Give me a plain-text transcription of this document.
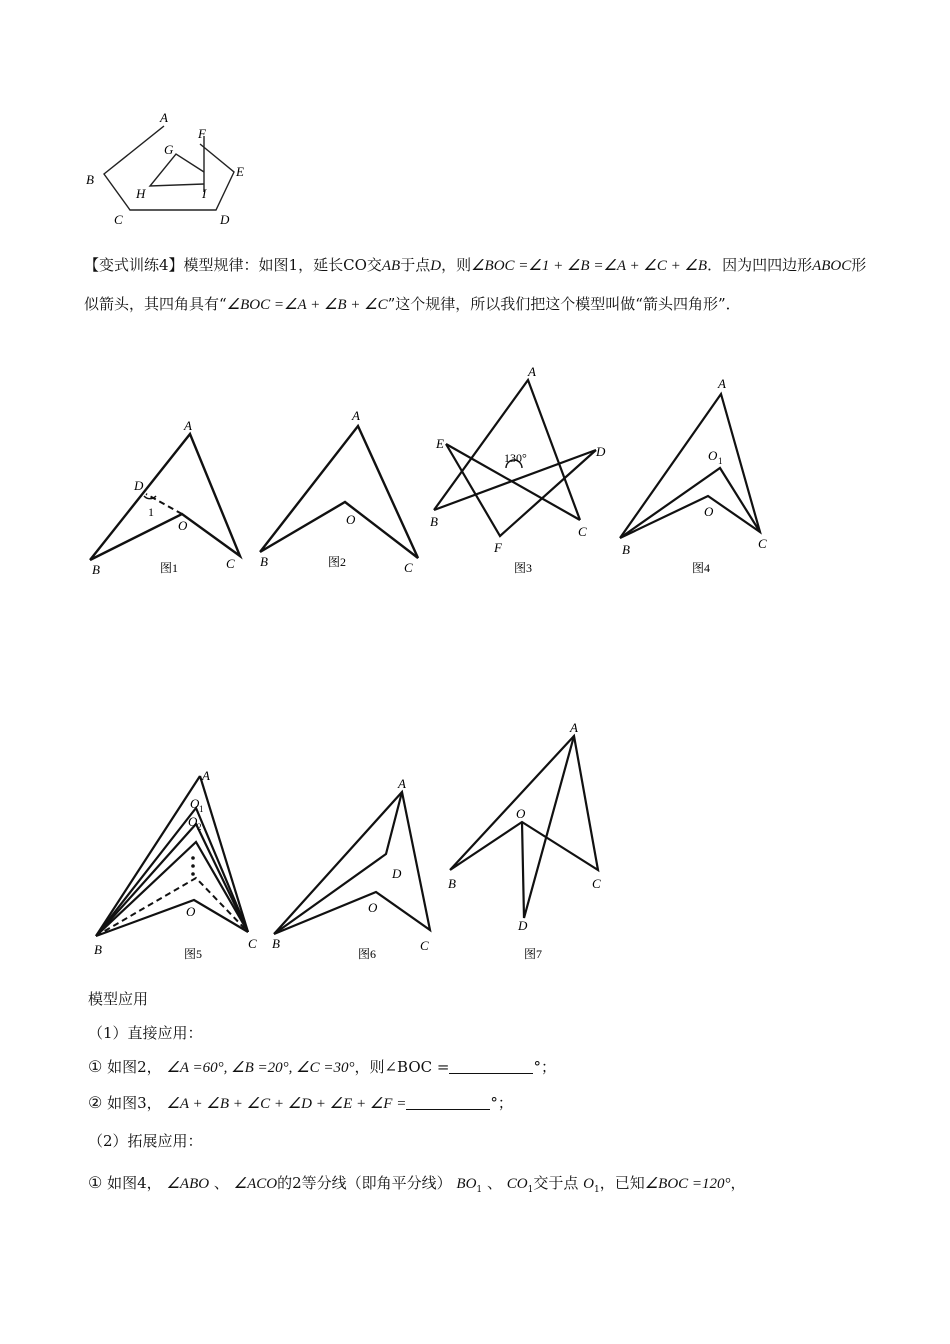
A
F
B
G
E
H	I
C	D
【变式训练4】模型规律：如图1，延长CO交AB于点D，则∠BOC =∠1 + ∠B =∠A + ∠C + ∠B．因为凹四边形ABOC形似箭头，其四角具有“∠BOC =∠A + ∠B + ∠C”这个规律，所以我们把这个模型叫做“箭头四角形”．
A
D
1
O
B	C
图1
A
O
B	C
图2
A
E
130°	D
B
C
F
图3
A
O 1
O
B	C
图4
A
O 1
O 2
O
B	C
图5
A
D
O
B	C
图6
A
O
B	C
D
图7
模型应用
（1）直接应用：
① 如图2， ∠A =60°, ∠B =20°, ∠C =30°，则∠BOC =	°；
② 如图3， ∠A + ∠B + ∠C + ∠D + ∠E + ∠F =	°；
（2）拓展应用：
① 如图4， ∠ABO 、 ∠ACO的2等分线（即角平分线） $BO_1$ 、 $CO_1$交于点 $O_1$，已知∠BOC =120°，
